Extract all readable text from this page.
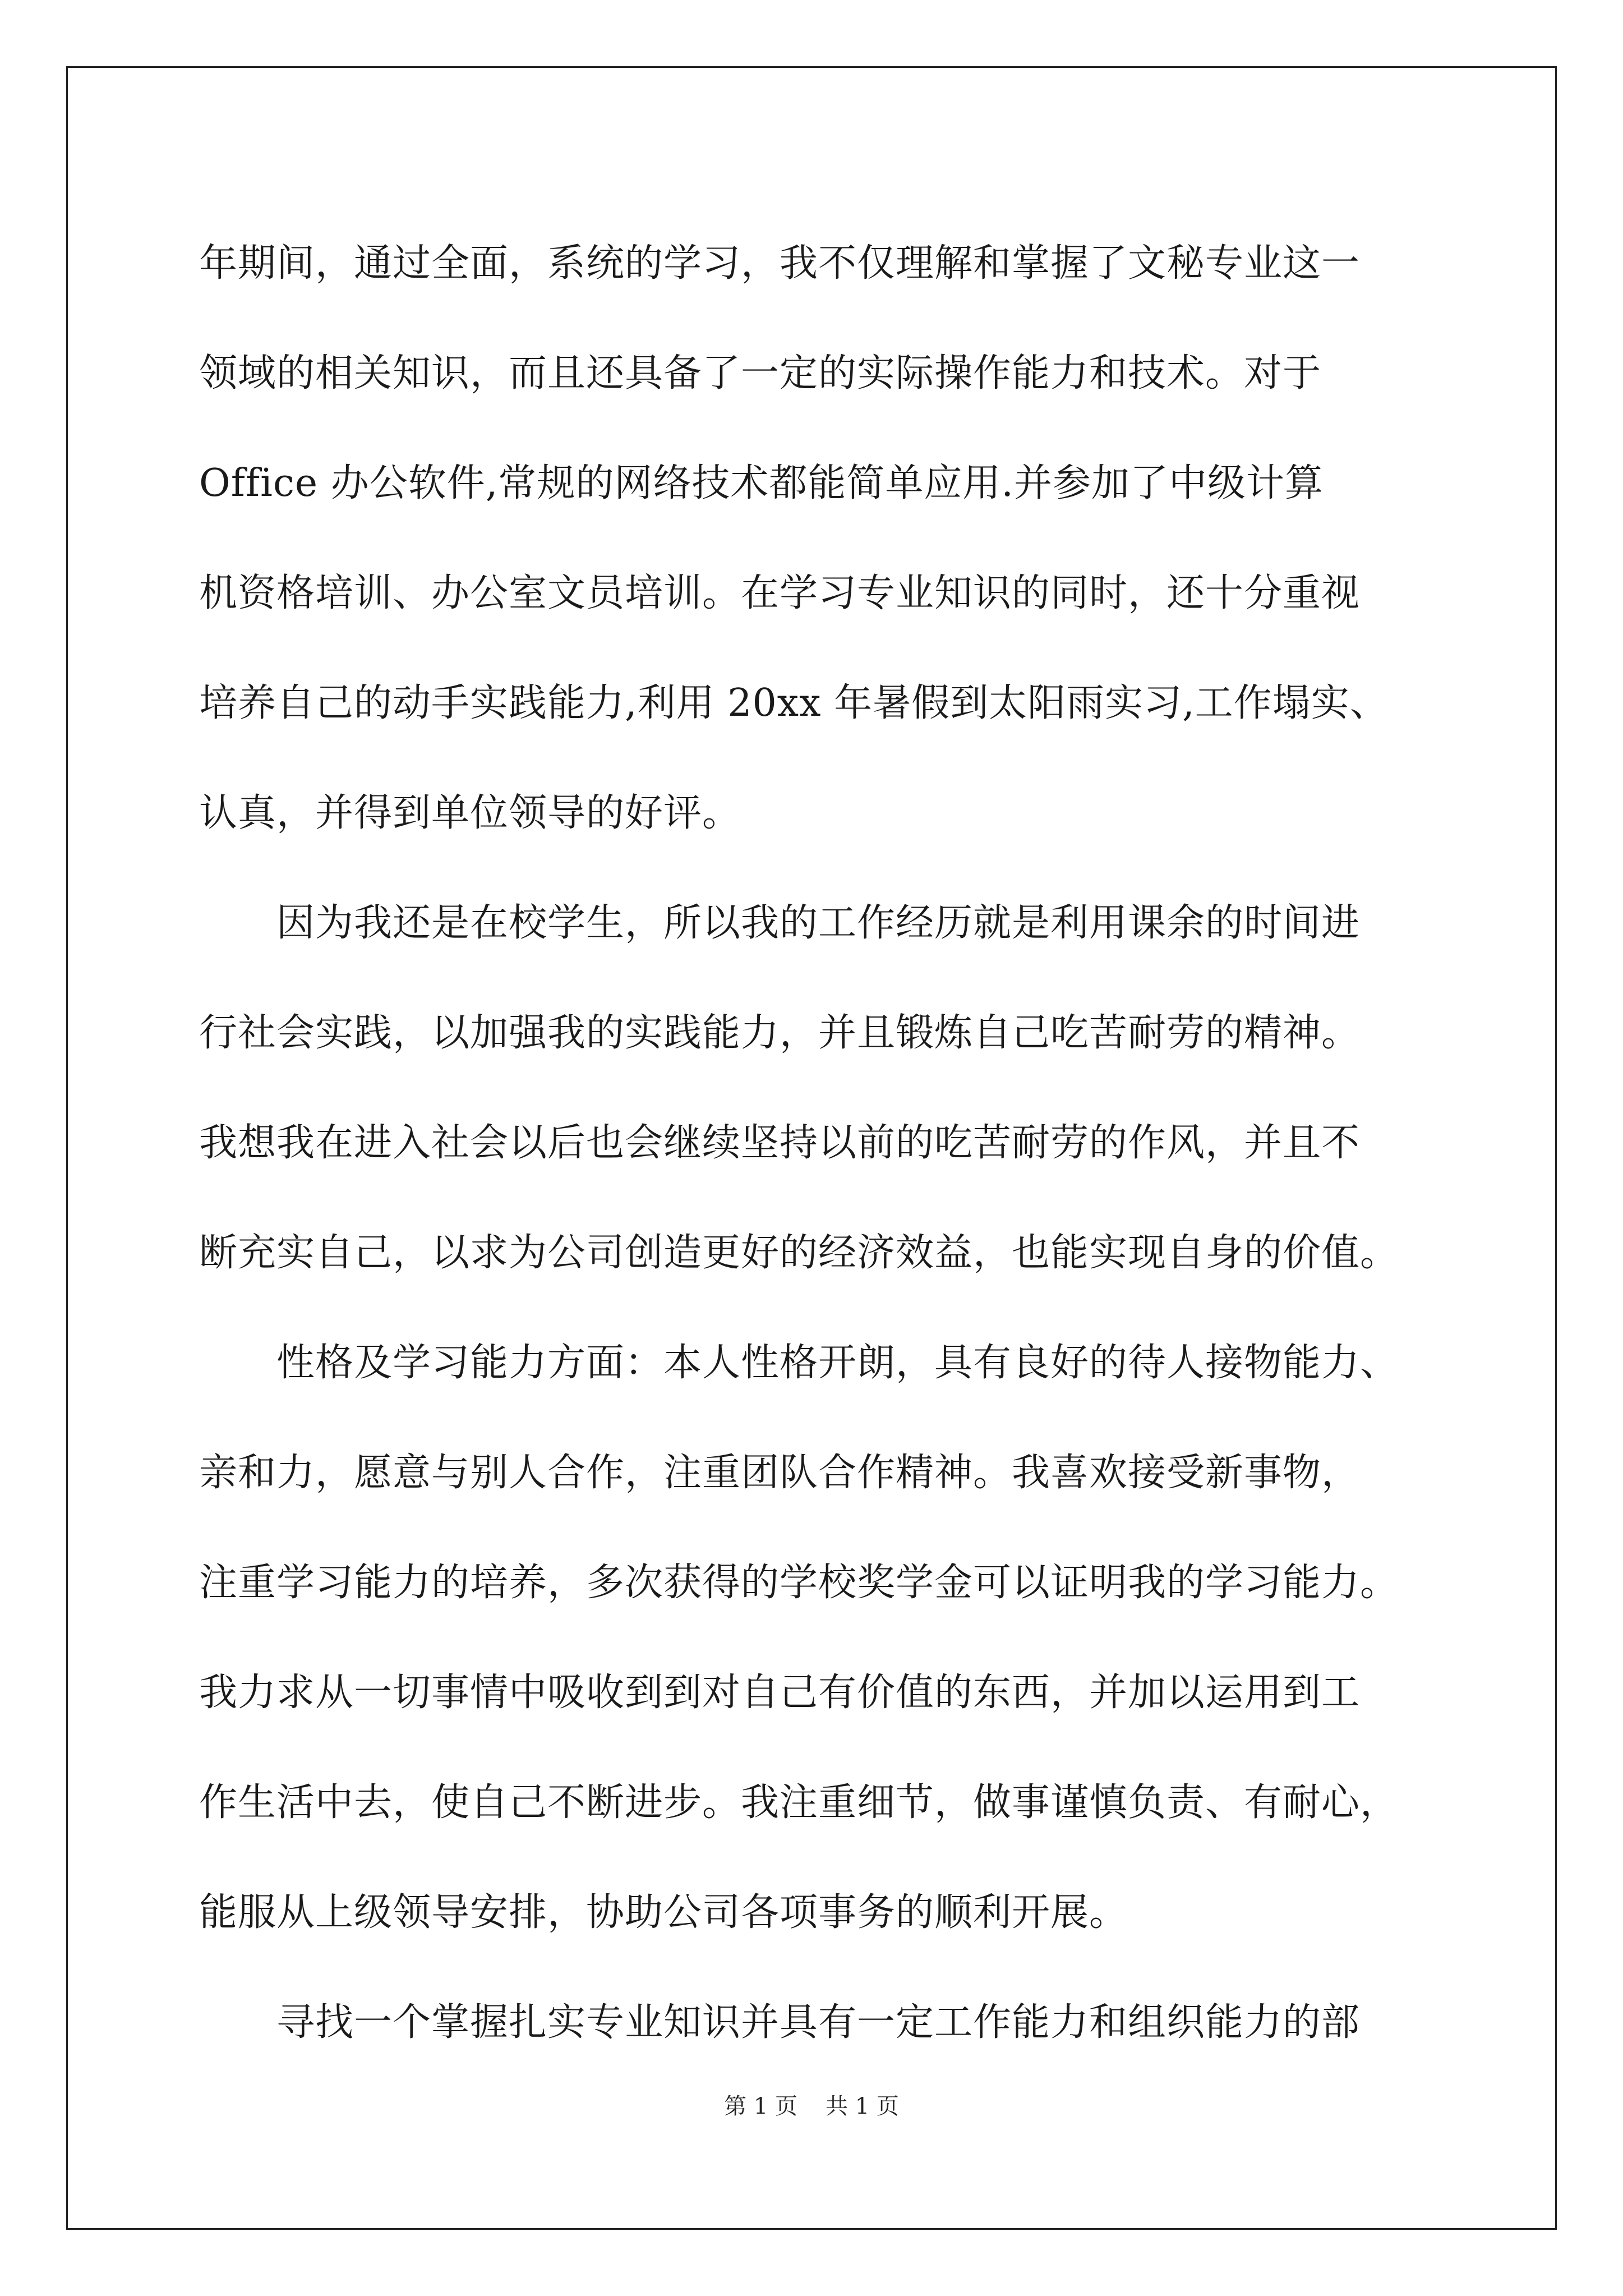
年期间，通过全面，系统的学习，我不仅理解和掌握了文秘专业这一

领域的相关知识，而且还具备了一定的实际操作能力和技术。对于

Office 办公软件,常规的网络技术都能简单应用.并参加了中级计算

机资格培训、办公室文员培训。在学习专业知识的同时，还十分重视

培养自己的动手实践能力,利用 20xx 年暑假到太阳雨实习,工作塌实、

认真，并得到单位领导的好评。

　　因为我还是在校学生，所以我的工作经历就是利用课余的时间进

行社会实践，以加强我的实践能力，并且锻炼自己吃苦耐劳的精神。

我想我在进入社会以后也会继续坚持以前的吃苦耐劳的作风，并且不

断充实自己，以求为公司创造更好的经济效益，也能实现自身的价值。

　　性格及学习能力方面：本人性格开朗，具有良好的待人接物能力、

亲和力，愿意与别人合作，注重团队合作精神。我喜欢接受新事物，

注重学习能力的培养，多次获得的学校奖学金可以证明我的学习能力。

我力求从一切事情中吸收到到对自己有价值的东西，并加以运用到工

作生活中去，使自己不断进步。我注重细节，做事谨慎负责、有耐心，

能服从上级领导安排，协助公司各项事务的顺利开展。

　　寻找一个掌握扎实专业知识并具有一定工作能力和组织能力的部

第 1 页 共 1 页
